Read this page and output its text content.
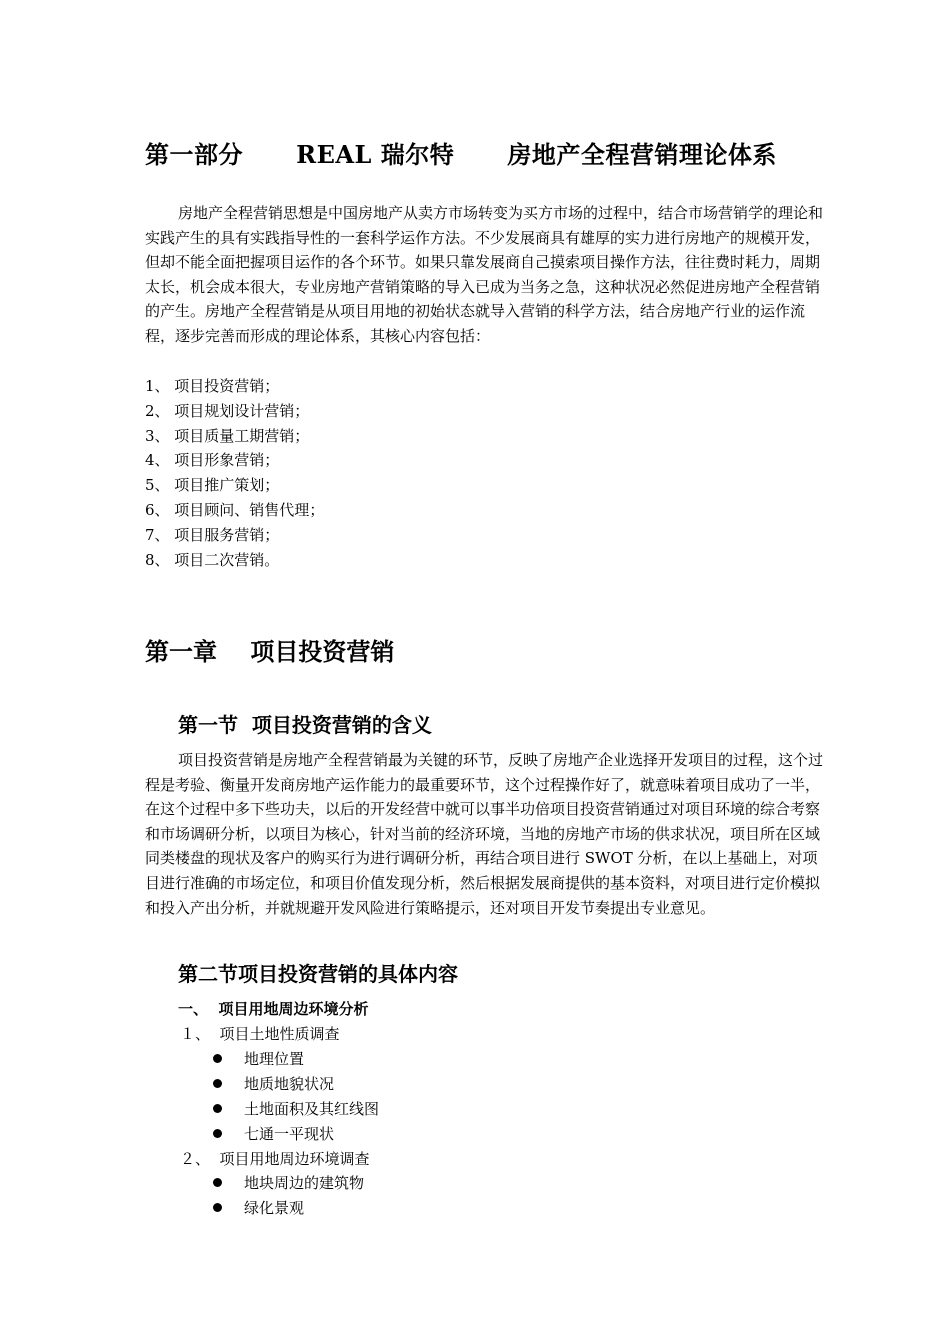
第一部分      REAL 瑞尔特      房地产全程营销理论体系

房地产全程营销思想是中国房地产从卖方市场转变为买方市场的过程中，结合市场营销学的理论和实践产生的具有实践指导性的一套科学运作方法。不少发展商具有雄厚的实力进行房地产的规模开发，但却不能全面把握项目运作的各个环节。如果只靠发展商自己摸索项目操作方法，往往费时耗力，周期太长，机会成本很大，专业房地产营销策略的导入已成为当务之急，这种状况必然促进房地产全程营销的产生。房地产全程营销是从项目用地的初始状态就导入营销的科学方法，结合房地产行业的运作流程，逐步完善而形成的理论体系，其核心内容包括：

1、 项目投资营销；
2、 项目规划设计营销；
3、 项目质量工期营销；
4、 项目形象营销；
5、 项目推广策划；
6、 项目顾问、销售代理；
7、 项目服务营销；
8、 项目二次营销。
第一章    项目投资营销
第一节  项目投资营销的含义

项目投资营销是房地产全程营销最为关键的环节，反映了房地产企业选择开发项目的过程，这个过程是考验、衡量开发商房地产运作能力的最重要环节，这个过程操作好了，就意味着项目成功了一半，在这个过程中多下些功夫，以后的开发经营中就可以事半功倍项目投资营销通过对项目环境的综合考察和市场调研分析，以项目为核心，针对当前的经济环境，当地的房地产市场的供求状况，项目所在区域同类楼盘的现状及客户的购买行为进行调研分析，再结合项目进行 SWOT 分析，在以上基础上，对项目进行准确的市场定位，和项目价值发现分析，然后根据发展商提供的基本资料，对项目进行定价模拟和投入产出分析，并就规避开发风险进行策略提示，还对项目开发节奏提出专业意见。

第二节项目投资营销的具体内容
一、  项目用地周边环境分析
１、  项目土地性质调查
地理位置
地质地貌状况
土地面积及其红线图
七通一平现状
２、  项目用地周边环境调查
地块周边的建筑物
绿化景观
